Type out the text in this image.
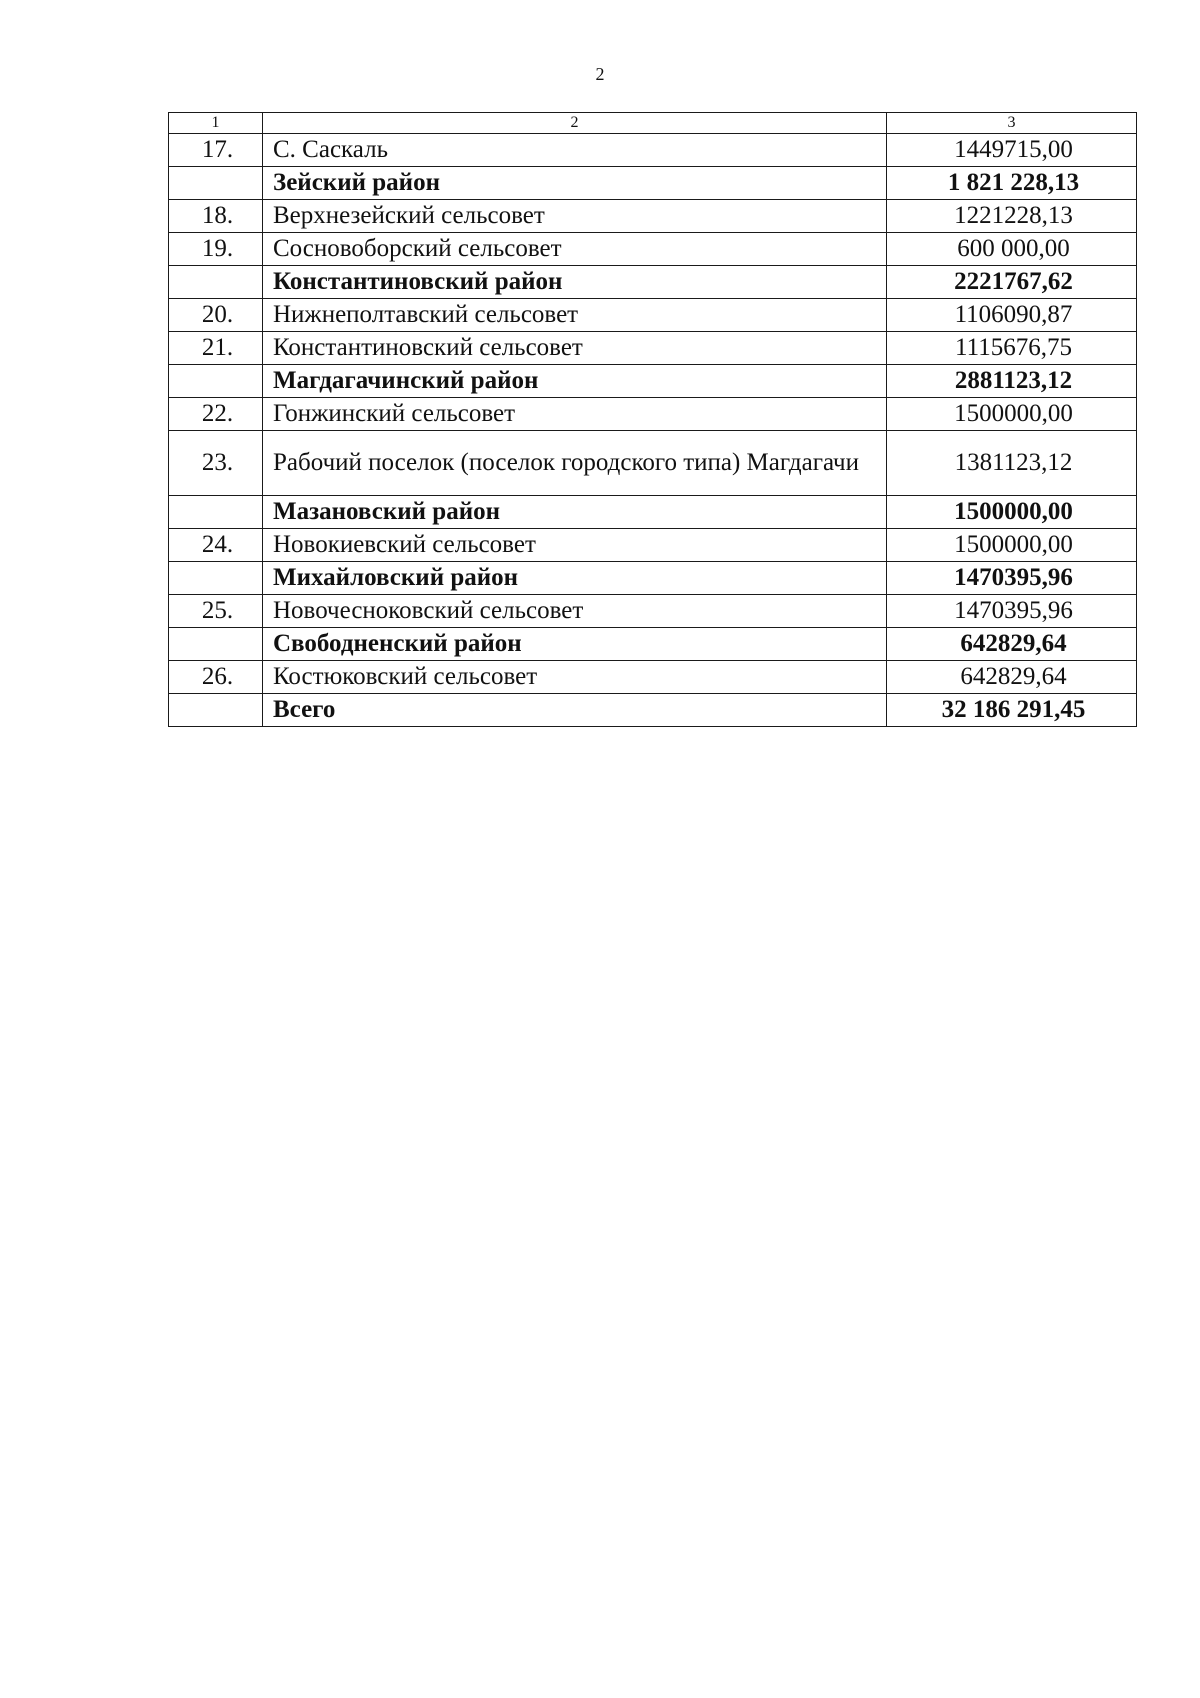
2
1	2	3
17.	С. Саскаль	1449715,00
	Зейский район	1 821 228,13
18.	Верхнезейский сельсовет	1221228,13
19.	Сосновоборский сельсовет	600 000,00
	Константиновский район	2221767,62
20.	Нижнеполтавский сельсовет	1106090,87
21.	Константиновский сельсовет	1115676,75
	Магдагачинский район	2881123,12
22.	Гонжинский сельсовет	1500000,00
23.	Рабочий поселок (поселок городского типа) Магдагачи	1381123,12
	Мазановский район	1500000,00
24.	Новокиевский сельсовет	1500000,00
	Михайловский район	1470395,96
25.	Новочесноковский сельсовет	1470395,96
	Свободненский район	642829,64
26.	Костюковский сельсовет	642829,64
	Всего	32 186 291,45
